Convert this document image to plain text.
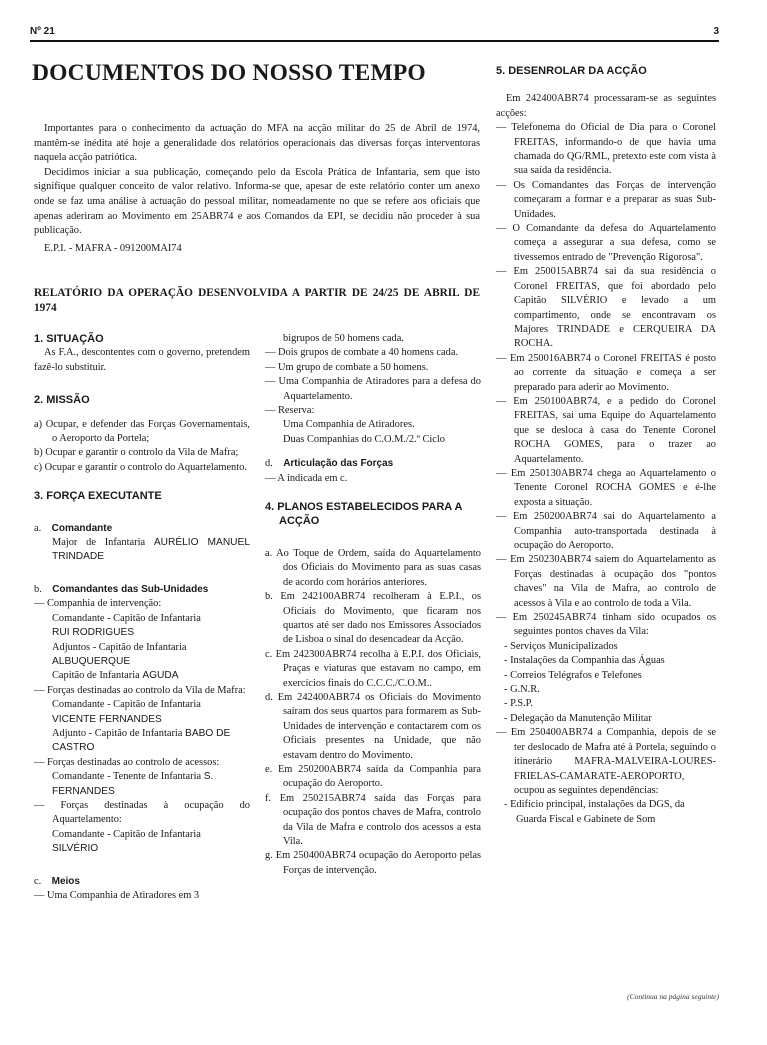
Nº 21	3
DOCUMENTOS DO NOSSO TEMPO

Importantes para o conhecimento da actuação do MFA na acção militar do 25 de Abril de 1974, mantêm-se inédita até hoje a generalidade dos relatórios operacionais das diversas forças interventoras naquela acção patriótica.

Decidimos iniciar a sua publicação, começando pelo da Escola Prática de Infantaria, sem que isto signifique qualquer conceito de valor relativo. Informa-se que, apesar de este relatório conter um anexo onde se faz uma análise à actuação do pessoal militar, nomeadamente no que se refere aos oficiais que apenas aderiram ao Movimento em 25ABR74 e aos Comandos da EPI, se decidiu não proceder à sua publicação.

E.P.I. - MAFRA - 091200MAI74

RELATÓRIO DA OPERAÇÃO DESENVOLVIDA A PARTIR DE 24/25 DE ABRIL DE 1974
1. SITUAÇÃO
As F.A., descontentes com o governo, pretendem fazê-lo substituir.
2. MISSÃO
a) Ocupar, e defender das Forças Governamentais, o Aeroporto da Portela;
b) Ocupar e garantir o controlo da Vila de Mafra;
c) Ocupar e garantir o controlo do Aquartelamento.
3. FORÇA EXECUTANTE
a. Comandante
Major de Infantaria AURÉLIO MANUEL TRINDADE
b. Comandantes das Sub-Unidades
— Companhia de intervenção:
Comandante - Capitão de Infantaria
RUI RODRIGUES
Adjuntos - Capitão de Infantaria
ALBUQUERQUE
Capitão de Infantaria AGUDA
— Forças destinadas ao controlo da Vila de Mafra:
Comandante - Capitão de Infantaria
VICENTE FERNANDES
Adjunto - Capitão de Infantaria BABO DE CASTRO
— Forças destinadas ao controlo de acessos:
Comandante - Tenente de Infantaria S. FERNANDES
— Forças destinadas à ocupação do Aquartelamento:
Comandante - Capitão de Infantaria
SILVÉRIO
c. Meios
— Uma Companhia de Atiradores em 3
bigrupos de 50 homens cada.
— Dois grupos de combate a 40 homens cada.
— Um grupo de combate a 50 homens.
— Uma Companhia de Atiradores para a defesa do Aquartelamento.
— Reserva:
Uma Companhia de Atiradores.
Duas Companhias do C.O.M./2.º Ciclo
d. Articulação das Forças
— A indicada em c.
4. PLANOS ESTABELECIDOS PARA A ACÇÃO
a. Ao Toque de Ordem, saída do Aquartelamento dos Oficiais do Movimento para as suas casas de acordo com horários anteriores.
b. Em 242100ABR74 recolheram à E.P.I., os Oficiais do Movimento, que ficaram nos quartos até ser dado nos Emissores Associados de Lisboa o sinal do desencadear da Acção.
c. Em 242300ABR74 recolha à E.P.I. dos Oficiais, Praças e viaturas que estavam no campo, em exercícios finais do C.C.C./C.O.M..
d. Em 242400ABR74 os Oficiais do Movimento saíram dos seus quartos para formarem as Sub-Unidades de intervenção e contactarem com os Oficiais presentes na Unidade, que não estavam dentro do Movimento.
e. Em 250200ABR74 saída da Companhia para ocupação do Aeroporto.
f. Em 250215ABR74 saída das Forças para ocupação dos pontos chaves de Mafra, controlo da Vila de Mafra e controlo dos acessos a esta Vila.
g. Em 250400ABR74 ocupação do Aeroporto pelas Forças de intervenção.
5. DESENROLAR DA ACÇÃO
Em 242400ABR74 processaram-se as seguintes acções:
— Telefonema do Oficial de Dia para o Coronel FREITAS, informando-o de que havia uma chamada do QG/RML, pretexto este com vista à sua saída da residência.
— Os Comandantes das Forças de intervenção começaram a formar e a preparar as suas Sub-Unidades.
— O Comandante da defesa do Aquartelamento começa a assegurar a sua defesa, como se tivessemos entrado de "Prevenção Rigorosa".
— Em 250015ABR74 sai da sua residência o Coronel FREITAS, que foi abordado pelo Capitão SILVÉRIO e levado a um compartimento, onde se encontravam os Majores TRINDADE e CERQUEIRA DA ROCHA.
— Em 250016ABR74 o Coronel FREITAS é posto ao corrente da situação e começa a ser preparado para aderir ao Movimento.
— Em 250100ABR74, e a pedido do Coronel FREITAS, sai uma Equipe do Aquartelamento que se desloca à casa do Tenente Coronel ROCHA GOMES, para o trazer ao Aquartelamento.
— Em 250130ABR74 chega ao Aquartelamento o Tenente Coronel ROCHA GOMES e é-lhe exposta a situação.
— Em 250200ABR74 sai do Aquartelamento a Companhia auto-transportada destinada à ocupação do Aeroporto.
— Em 250230ABR74 saiem do Aquartelamento as Forças destinadas à ocupação dos "pontos chaves" na Vila de Mafra, ao controlo de acessos à Vila e ao controlo de toda a Vila.
— Em 250245ABR74 tinham sido ocupados os seguintes pontos chaves da Vila:
- Serviços Municipalizados
- Instalações da Companhia das Águas
- Correios Telégrafos e Telefones
- G.N.R.
- P.S.P.
- Delegação da Manutenção Militar
— Em 250400ABR74 a Companhia, depois de se ter deslocado de Mafra até à Portela, seguindo o itinerário MAFRA-MALVEIRA-LOURES-FRIELAS-CAMARATE-AEROPORTO, ocupou as seguintes dependências:
- Edifício principal, instalações da DGS, da Guarda Fiscal e Gabinete de Som
(Continua na página seguinte)
